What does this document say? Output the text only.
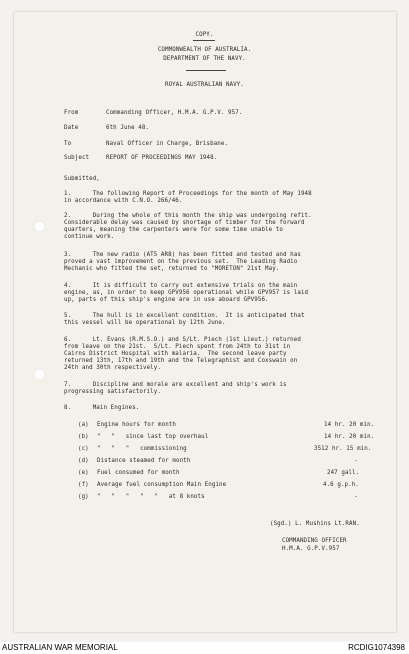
COPY.
COMMONWEALTH OF AUSTRALIA.
DEPARTMENT OF THE NAVY.
ROYAL AUSTRALIAN NAVY.
From	Commanding Officer, H.M.A. G.P.V. 957.
Date	6th June 48.
To	Naval Officer in Charge, Brisbane.
Subject	REPORT OF PROCEEDINGS MAY 1948.
Submitted,
1.      The following Report of Proceedings for the month of May 1948
in accordance with C.N.O. 266/46.
2.      During the whole of this month the ship was undergoing refit.
Considerable delay was caused by shortage of timber for the forward
quarters, meaning the carpenters were for some time unable to
continue work.
3.      The new radio (AT5 AR8) has been fitted and tested and has
proved a vast improvement on the previous set.  The Leading Radio
Mechanic who fitted the set, returned to "MORETON" 21st May.
4.      It is difficult to carry out extensive trials on the main
engine, as, in order to keep GPV956 operational while GPV957 is laid
up, parts of this ship's engine are in use aboard GPV956.
5.      The hull is in excellent condition.  It is anticipated that
this vessel will be operational by 12th June.
6.      Lt. Evans (R.M.S.O.) and S/Lt. Piech (1st Lieut.) returned
from leave on the 21st.  S/Lt. Piech spent from 24th to 31st in
Cairns District Hospital with malaria.  The second leave party
returned 13th, 17th and 19th and the Telegraphist and Coxswain on
24th and 30th respectively.
7.      Discipline and morale are excellent and ship's work is
progressing satisfactorily.
8.      Main Engines.
(a) Engine hours for month	14 hr. 20 min.
(b) "   "   since last top overhaul	14 hr. 20 min.
(c) "   "   "   commissioning	3512 hr. 15 min.
(d) Distance steamed for month	-
(e) Fuel consumed for month	247 gall.
(f) Average fuel consumption Main Engine	4.6 g.p.h.
(g) "   "   "   "   "   at 8 knots	-
(Sgd.) L. Mushins Lt.RAN.
COMMANDING OFFICER
H.M.A. G.P.V.957
AUSTRALIAN WAR MEMORIAL	RCDIG1074398
